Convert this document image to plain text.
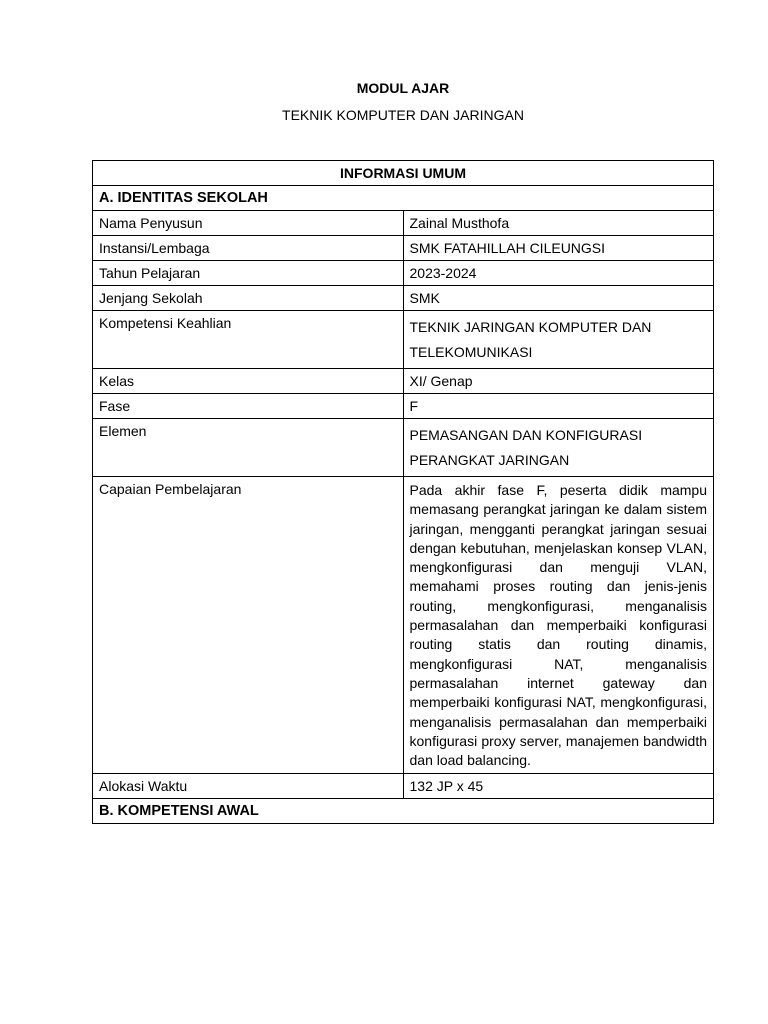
MODUL AJAR
TEKNIK KOMPUTER DAN JARINGAN
INFORMASI UMUM	
A. IDENTITAS SEKOLAH	
Nama Penyusun	Zainal Musthofa
Instansi/Lembaga	SMK FATAHILLAH CILEUNGSI
Tahun Pelajaran	2023-2024
Jenjang Sekolah	SMK
Kompetensi Keahlian	TEKNIK JARINGAN KOMPUTER DAN TELEKOMUNIKASI
Kelas	XI/ Genap
Fase	F
Elemen	PEMASANGAN DAN KONFIGURASI PERANGKAT JARINGAN
Capaian Pembelajaran	Pada akhir fase F, peserta didik mampu memasang perangkat jaringan ke dalam sistem jaringan, mengganti perangkat jaringan sesuai dengan kebutuhan, menjelaskan konsep VLAN, mengkonfigurasi dan menguji VLAN, memahami proses routing dan jenis-jenis routing, mengkonfigurasi, menganalisis permasalahan dan memperbaiki konfigurasi routing statis dan routing dinamis, mengkonfigurasi NAT, menganalisis permasalahan internet gateway dan memperbaiki konfigurasi NAT, mengkonfigurasi, menganalisis permasalahan dan memperbaiki konfigurasi proxy server, manajemen bandwidth dan load balancing.
Alokasi Waktu	132 JP x 45
B. KOMPETENSI AWAL	
